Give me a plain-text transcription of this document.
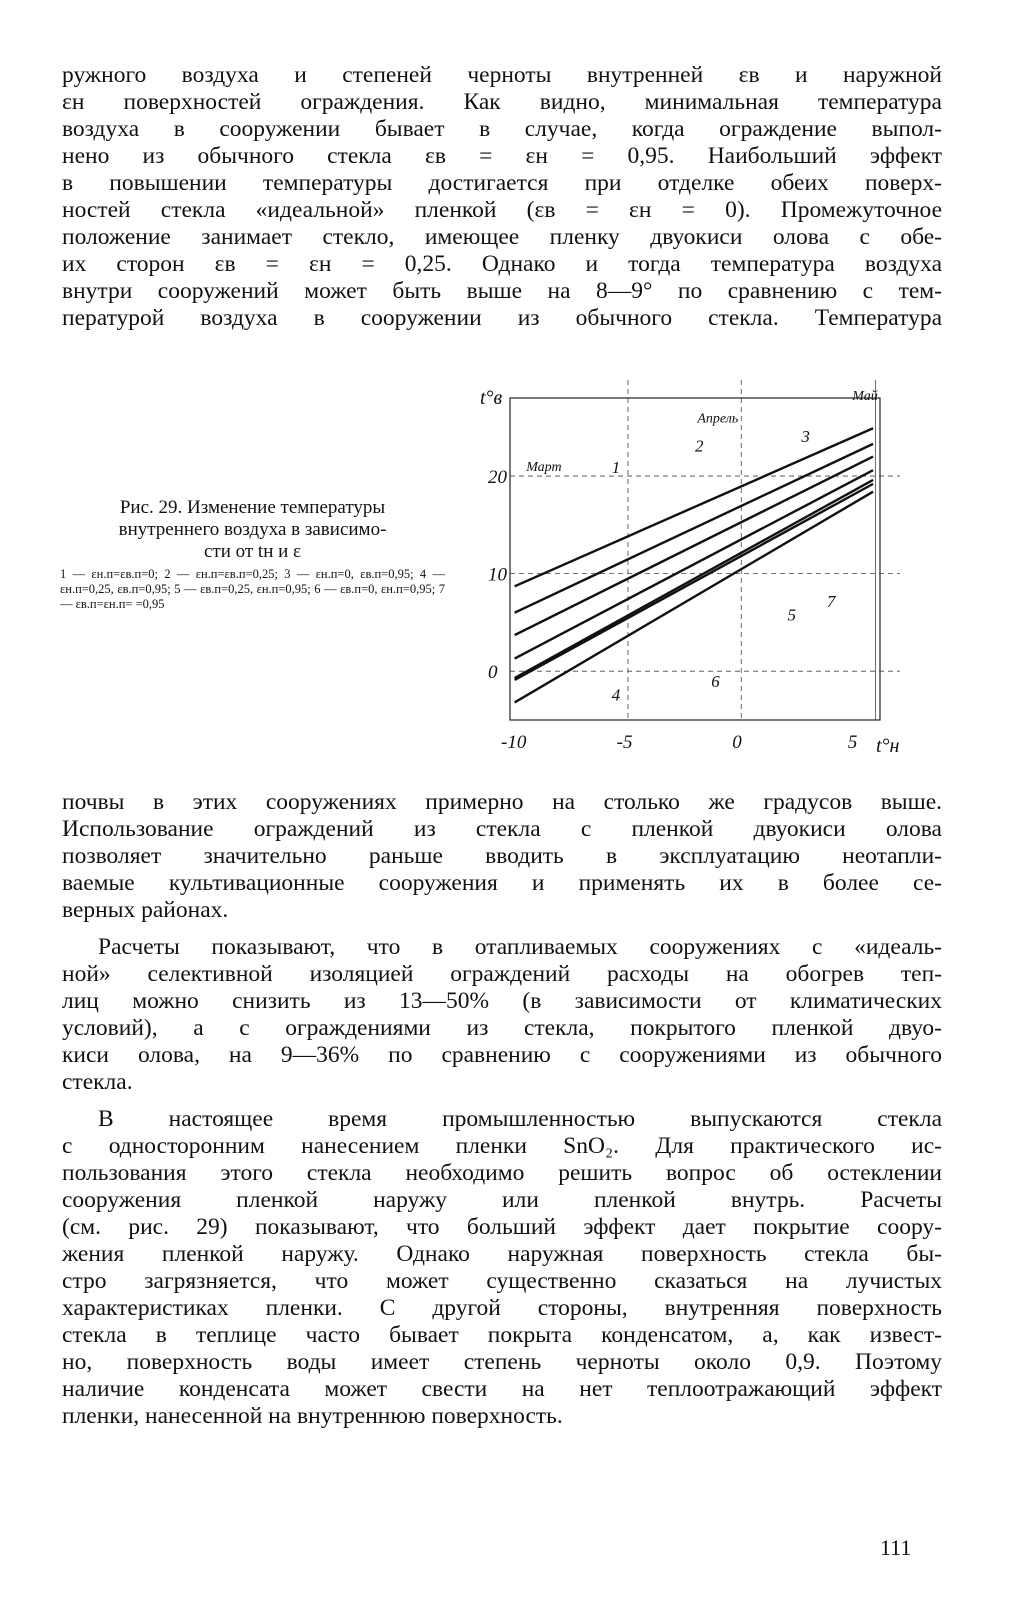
ружного воздуха и степеней черноты внутренней εв и наружной
εн поверхностей ограждения. Как видно, минимальная температура
воздуха в сооружении бывает в случае, когда ограждение выпол-
нено из обычного стекла εв = εн = 0,95. Наибольший эффект
в повышении температуры достигается при отделке обеих поверх-
ностей стекла «идеальной» пленкой (εв = εн = 0). Промежуточное
положение занимает стекло, имеющее пленку двуокиси олова с обе-
их сторон εв = εн = 0,25. Однако и тогда температура воздуха
внутри сооружений может быть выше на 8—9° по сравнению с тем-
пературой воздуха в сооружении из обычного стекла. Температура

Рис. 29. Изменение температуры
внутреннего воздуха в зависимо-
сти от tн и ε

1 — εн.п=εв.п=0; 2 — εн.п=εв.п=0,25; 3 — εн.п=0, εв.п=0,95; 4 — εн.п=0,25, εв.п=0,95; 5 — εв.п=0,25, εн.п=0,95; 6 — εв.п=0, εн.п=0,95; 7 — εв.п=εн.п= =0,95

0
10
20
-10	-5	0	5
t°в
t°н
Март
Апрель
Май
1
2
3
4
5
6
7
почвы в этих сооружениях примерно на столько же градусов выше.
Использование ограждений из стекла с пленкой двуокиси олова
позволяет значительно раньше вводить в эксплуатацию неотапли-
ваемые культивационные сооружения и применять их в более се-
верных районах.
Расчеты показывают, что в отапливаемых сооружениях с «идеаль-
ной» селективной изоляцией ограждений расходы на обогрев теп-
лиц можно снизить из 13—50% (в зависимости от климатических
условий), а с ограждениями из стекла, покрытого пленкой двуо-
киси олова, на 9—36% по сравнению с сооружениями из обычного
стекла.
В настоящее время промышленностью выпускаются стекла
с односторонним нанесением пленки SnO₂. Для практического ис-
пользования этого стекла необходимо решить вопрос об остеклении
сооружения пленкой наружу или пленкой внутрь. Расчеты
(см. рис. 29) показывают, что больший эффект дает покрытие соору-
жения пленкой наружу. Однако наружная поверхность стекла бы-
стро загрязняется, что может существенно сказаться на лучистых
характеристиках пленки. С другой стороны, внутренняя поверхность
стекла в теплице часто бывает покрыта конденсатом, а, как извест-
но, поверхность воды имеет степень черноты около 0,9. Поэтому
наличие конденсата может свести на нет теплоотражающий эффект
пленки, нанесенной на внутреннюю поверхность.
111
